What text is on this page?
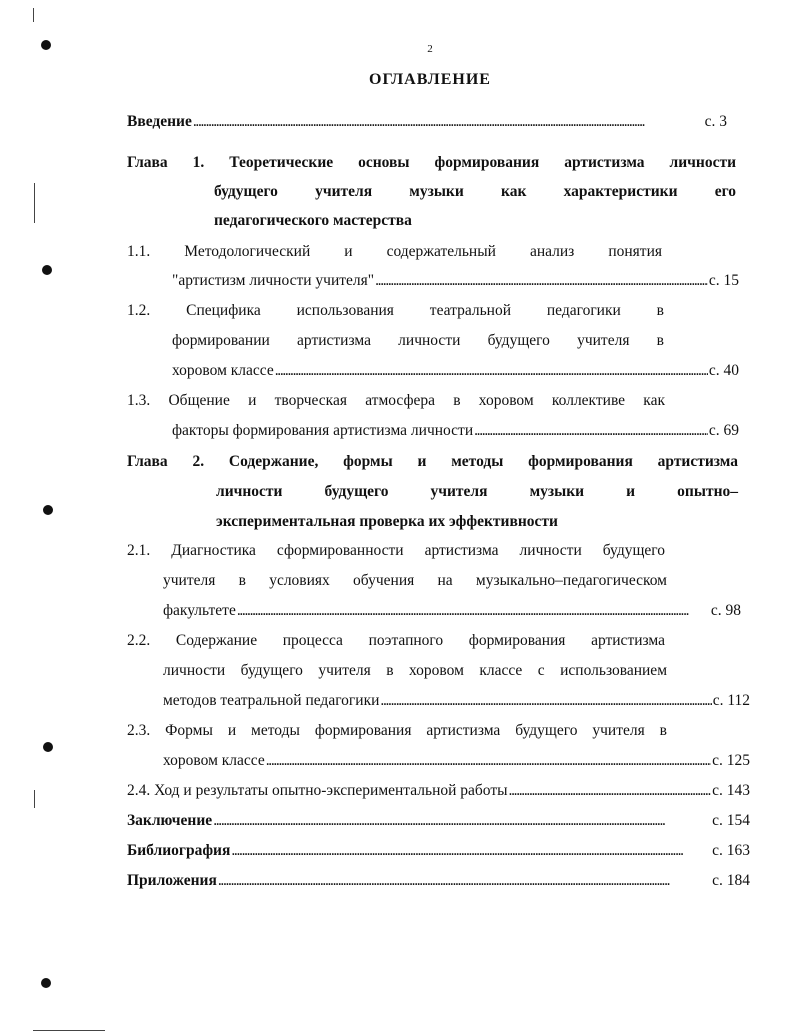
2
ОГЛАВЛЕНИЕ
Введение . . .	с. 3
Глава 1. Теоретические основы формирования артистизма личности
будущего учителя музыки как характеристики его
педагогического мастерства
1.1. Методологический и содержательный анализ понятия
"артистизм личности учителя" . . .	с. 15
1.2. Специфика использования театральной педагогики в
формировании артистизма личности будущего учителя в
хоровом классе . . .	с. 40
1.3. Общение и творческая атмосфера в хоровом коллективе как
факторы формирования артистизма личности . . .	с. 69
Глава 2. Содержание, формы и методы формирования артистизма
личности будущего учителя музыки и опытно–
экспериментальная проверка их эффективности
2.1. Диагностика сформированности артистизма личности будущего
учителя в условиях обучения на музыкально–педагогическом
факультете . . .	с. 98
2.2. Содержание процесса поэтапного формирования артистизма
личности будущего учителя в хоровом классе с использованием
методов театральной педагогики . . .	с. 112
2.3. Формы и методы формирования артистизма будущего учителя в
хоровом классе . . .	с. 125
2.4. Ход и результаты опытно-экспериментальной работы . . .	с. 143
Заключение . . .	с. 154
Библиография . . .	с. 163
Приложения . . .	с. 184
